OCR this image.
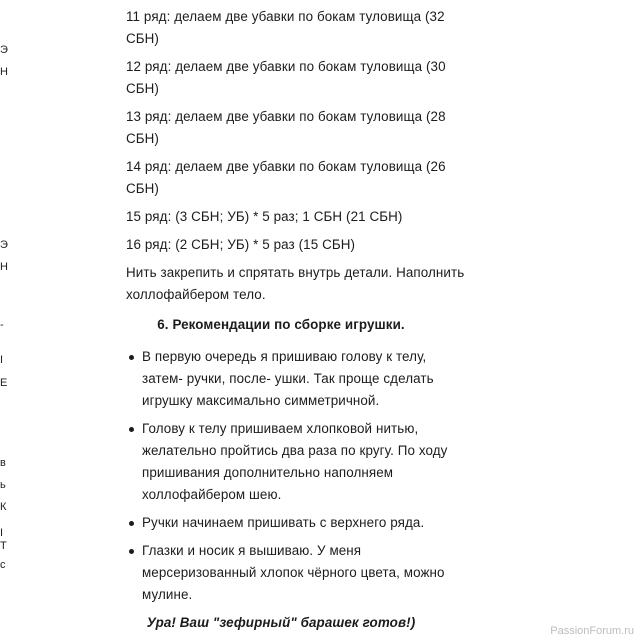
Э
Н
Э
Н
-
І
Е
в
ь
К
І
Т
с
11 ряд: делаем две убавки по бокам туловища (32 СБН)
12 ряд: делаем две убавки по бокам туловища (30 СБН)
13 ряд: делаем две убавки по бокам туловища (28 СБН)
14 ряд: делаем две убавки по бокам туловища (26 СБН)
15 ряд: (3 СБН; УБ) * 5 раз; 1 СБН (21 СБН)
16 ряд: (2 СБН; УБ) * 5 раз (15 СБН)
Нить закрепить и спрятать внутрь детали. Наполнить холлофайбером тело.
6. Рекомендации по сборке игрушки.
В первую очередь я пришиваю голову к телу, затем- ручки, после- ушки. Так проще сделать игрушку максимально симметричной.
Голову к телу пришиваем хлопковой нитью, желательно пройтись два раза по кругу. По ходу пришивания дополнительно наполняем холлофайбером шею.
Ручки начинаем пришивать с верхнего ряда.
Глазки и носик я вышиваю. У меня мерсеризованный хлопок чёрного цвета, можно мулине.
Ура! Ваш "зефирный" барашек готов!)
PassionForum.ru
